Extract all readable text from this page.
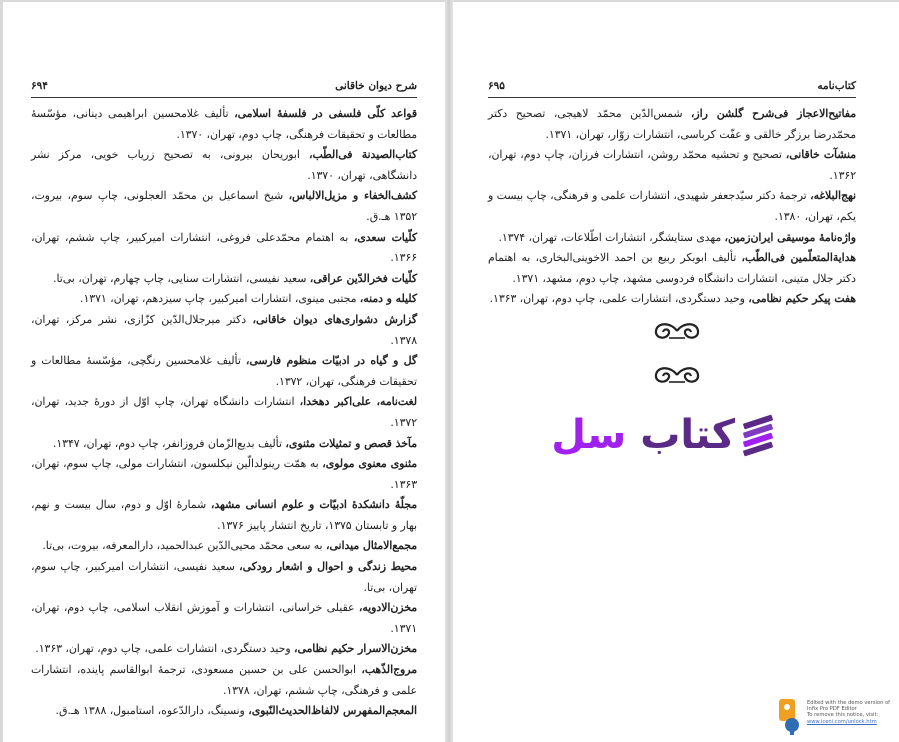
شرح دیوان خاقانی
۶۹۴

قواعد کلّی فلسفی در فلسفهٔ اسلامی، تألیف غلامحسین ابراهیمی دینانی، مؤسّسهٔ مطالعات و تحقیقات فرهنگی، چاپ دوم، تهران، ۱۳۷۰.

کتاب‌الصیدنة فی‌الطّب، ابوریحان بیرونی، به تصحیح زریاب خویی، مرکز نشر دانشگاهی، تهران، ۱۳۷۰.

کشف‌الخفاء و مزیل‌الالباس، شیخ اسماعیل بن محمّد العجلونی، چاپ سوم، بیروت، ۱۳۵۲ هـ.ق.

کلّیات سعدی، به اهتمام محمّدعلی فروغی، انتشارات امیرکبیر، چاپ ششم، تهران، ۱۳۶۶.

کلّیات فخرالدّین عراقی، سعید نفیسی، انتشارات سنایی، چاپ چهارم، تهران، بی‌تا.

کلیله و دمنه، مجتبی مینوی، انتشارات امیرکبیر، چاپ سیزدهم، تهران، ۱۳۷۱.

گزارش دشواری‌های دیوان خاقانی، دکتر میرجلال‌الدّین کزّازی، نشر مرکز، تهران، ۱۳۷۸.

گل و گیاه در ادبیّات منظوم فارسی، تألیف غلامحسین رنگچی، مؤسّسهٔ مطالعات و تحقیقات فرهنگی، تهران، ۱۳۷۲.

لغت‌نامه، علی‌اکبر دهخدا، انتشارات دانشگاه تهران، چاپ اوّل از دورهٔ جدید، تهران، ۱۳۷۲.

مآخذ قصص و تمثیلات مثنوی، تألیف بدیع‌الزّمان فروزانفر، چاپ دوم، تهران، ۱۳۴۷.

مثنوی معنوی مولوی، به همّت رینولدالّین نیکلسون، انتشارات مولی، چاپ سوم، تهران، ۱۳۶۳.

مجلّهٔ دانشکدهٔ ادبیّات و علوم انسانی مشهد، شمارهٔ اوّل و دوم، سال بیست و نهم، بهار و تابستان ۱۳۷۵، تاریخ انتشار پاییز ۱۳۷۶.

مجمع‌الامثال میدانی، به سعی محمّد محیی‌الدّین عبدالحمید، دارالمعرفه، بیروت، بی‌تا.

محیط زندگی و احوال و اشعار رودکی، سعید نفیسی، انتشارات امیرکبیر، چاپ سوم، تهران، بی‌تا.

مخزن‌الادویه، عقیلی خراسانی، انتشارات و آموزش انقلاب اسلامی، چاپ دوم، تهران، ۱۳۷۱.

مخزن‌الاسرار حکیم نظامی، وحید دستگردی، انتشارات علمی، چاپ دوم، تهران، ۱۳۶۳.

مروج‌الذّهب، ابوالحسن علی بن حسین مسعودی، ترجمهٔ ابوالقاسم پاینده، انتشارات علمی و فرهنگی، چاپ ششم، تهران، ۱۳۷۸.

المعجم‌المفهرس لالفاظ‌الحدیث‌النّبوی، ونسینگ، دارالدّعوه، استامبول، ۱۳۸۸ هـ.ق.

کتاب‌نامه
۶۹۵

مفاتیح‌الاعجاز فی‌شرح گلشن راز، شمس‌الدّین محمّد لاهیجی، تصحیح دکتر محمّدرضا برزگر خالقی و عفّت کرباسی، انتشارات زوّار، تهران، ۱۳۷۱.

منشآت خاقانی، تصحیح و تحشیه محمّد روشن، انتشارات فرزان، چاپ دوم، تهران، ۱۳۶۲.

نهج‌البلاغه، ترجمهٔ دکتر سیّدجعفر شهیدی، انتشارات علمی و فرهنگی، چاپ بیست و یکم، تهران، ۱۳۸۰.

واژه‌نامهٔ موسیقی ایران‌زمین، مهدی ستایشگر، انتشارات اطّلاعات، تهران، ۱۳۷۴.

هدایةالمتعلّمین فی‌الطّب، تألیف ابوبکر ربیع بن احمد الاخوینی‌البخاری، به اهتمام دکتر جلال متینی، انتشارات دانشگاه فردوسی مشهد، چاپ دوم، مشهد، ۱۳۷۱.

هفت پیکر حکیم نظامی، وحید دستگردی، انتشارات علمی، چاپ دوم، تهران، ۱۳۶۳.

کتاب سل
Edited with the demo version of
Infix Pro PDF Editor
To remove this notice, visit:
www.iceni.com/unlock.htm
